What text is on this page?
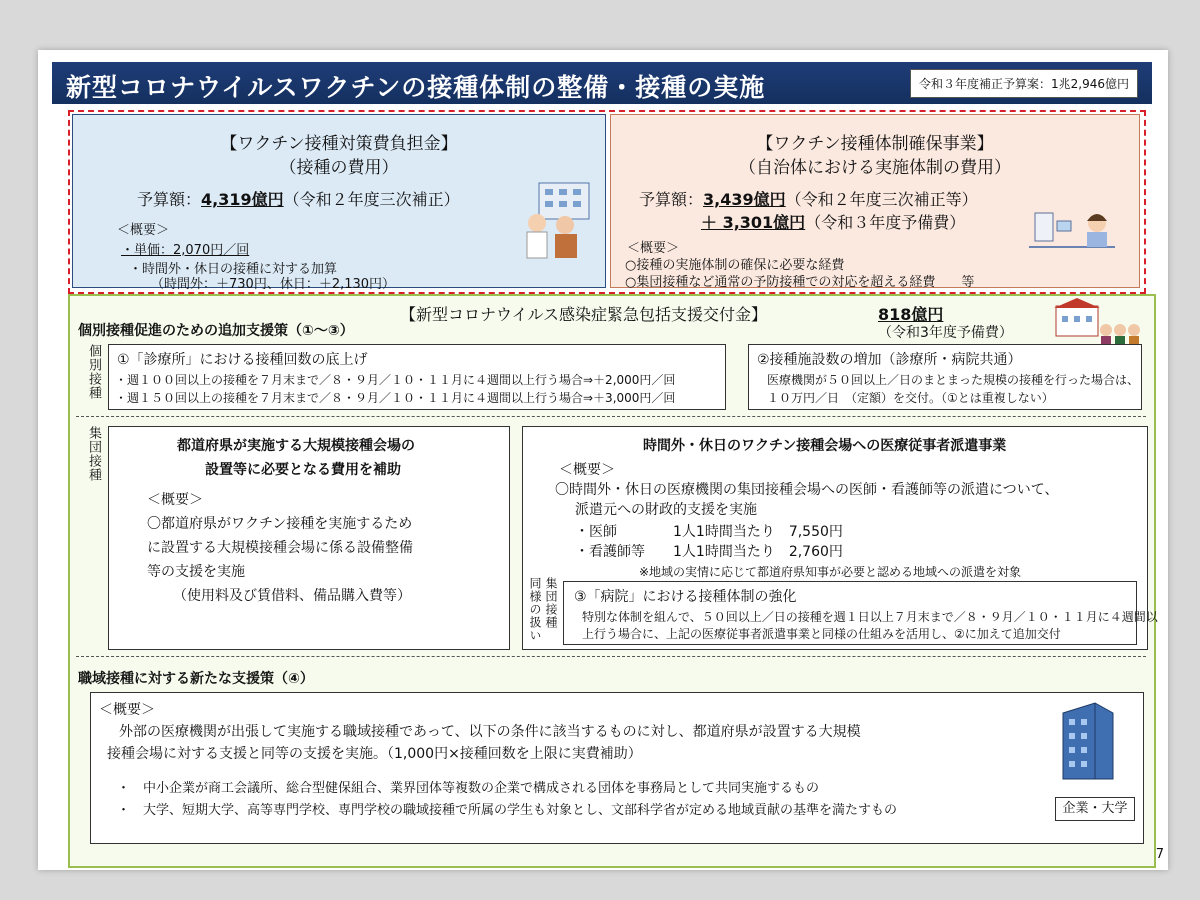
新型コロナウイルスワクチンの接種体制の整備・接種の実施	令和３年度補正予算案：1兆2,946億円
【ワクチン接種対策費負担金】
（接種の費用）
予算額：4,319億円（令和２年度三次補正）
＜概要＞
・単価：2,070円／回
・時間外・休日の接種に対する加算
（時間外：＋730円、休日：＋2,130円）
【ワクチン接種体制確保事業】
（自治体における実施体制の費用）
予算額：3,439億円（令和２年度三次補正等）
＋ 3,301億円（令和３年度予備費）
＜概要＞
○接種の実施体制の確保に必要な経費
○集団接種など通常の予防接種での対応を超える経費　　等
【新型コロナウイルス感染症緊急包括支援交付金】	818億円
（令和3年度予備費）
個別接種促進のための追加支援策（①～③）
個別接種 ①「診療所」における接種回数の底上げ
・週１００回以上の接種を７月末まで／８・９月／１０・１１月に４週間以上行う場合⇒＋2,000円／回
・週１５０回以上の接種を７月末まで／８・９月／１０・１１月に４週間以上行う場合⇒＋3,000円／回
②接種施設数の増加（診療所・病院共通）
医療機関が５０回以上／日のまとまった規模の接種を行った場合は、
１０万円／日　（定額）を交付。（①とは重複しない）
集団接種	都道府県が実施する大規模接種会場の
設置等に必要となる費用を補助
＜概要＞
〇都道府県がワクチン接種を実施するため
に設置する大規模接種会場に係る設備整備
等の支援を実施
（使用料及び賃借料、備品購入費等）
時間外・休日のワクチン接種会場への医療従事者派遣事業
＜概要＞
〇時間外・休日の医療機関の集団接種会場への医師・看護師等の派遣について、
派遣元への財政的支援を実施
・医師	1人1時間当たり　7,550円
・看護師等 1人1時間当たり　2,760円
※地域の実情に応じて都道府県知事が必要と認める地域への派遣を対象
同様の扱い 集団接種 ③「病院」における接種体制の強化
特別な体制を組んで、５０回以上／日の接種を週１日以上７月末まで／８・９月／１０・１１月に４週間以
上行う場合に、上記の医療従事者派遣事業と同様の仕組みを活用し、②に加えて追加交付
職域接種に対する新たな支援策（④）
＜概要＞
外部の医療機関が出張して実施する職域接種であって、以下の条件に該当するものに対し、都道府県が設置する大規模
接種会場に対する支援と同等の支援を実施。（1,000円×接種回数を上限に実費補助）
・　中小企業が商工会議所、総合型健保組合、業界団体等複数の企業で構成される団体を事務局として共同実施するもの
・　大学、短期大学、高等専門学校、専門学校の職域接種で所属の学生も対象とし、文部科学省が定める地域貢献の基準を満たすもの	企業・大学
7
